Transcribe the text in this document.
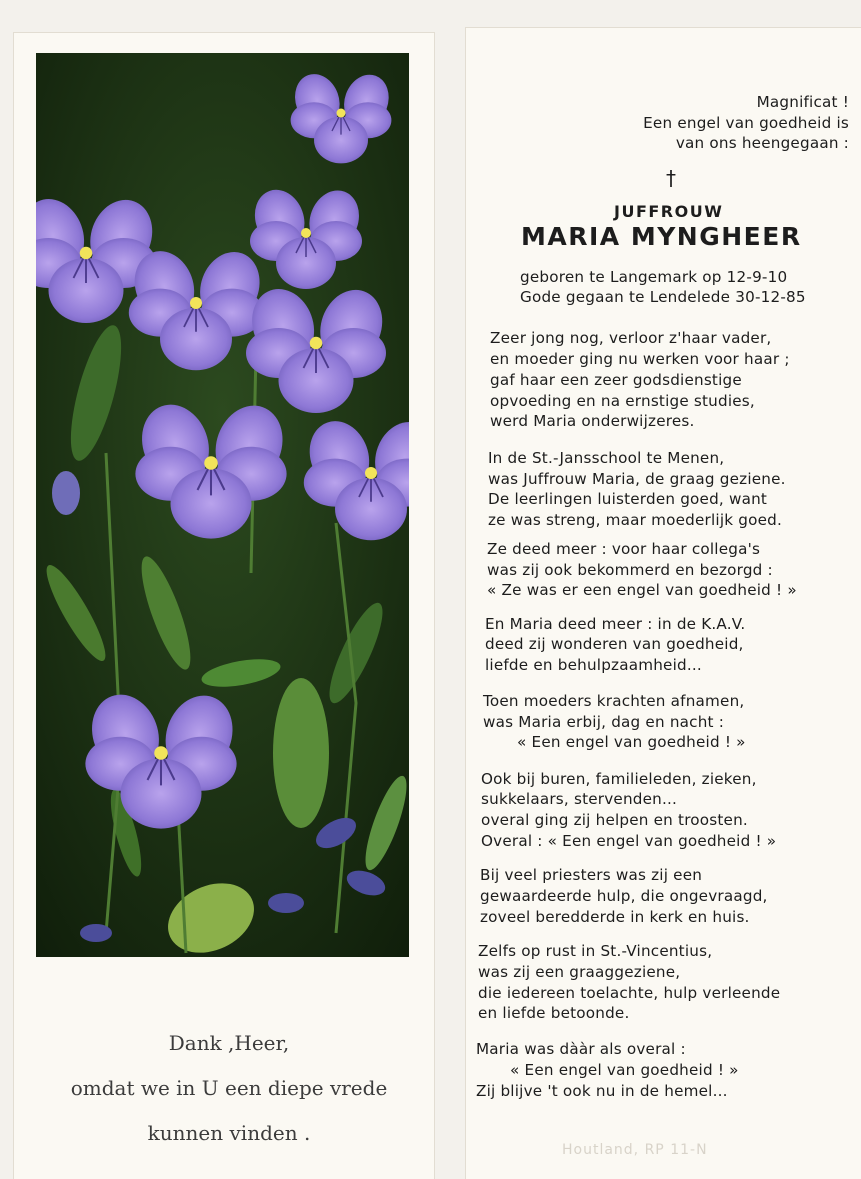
Dank ,Heer,
omdat we in U een diepe vrede
kunnen vinden .
Magnificat !
Een engel van goedheid is
van ons heengegaan :
†
JUFFROUW
MARIA MYNGHEER
geboren te Langemark op 12-9-10
Gode gegaan te Lendelede 30-12-85
Zeer jong nog, verloor z'haar vader,
en moeder ging nu werken voor haar ;
gaf haar een zeer godsdienstige
opvoeding en na ernstige studies,
werd Maria onderwijzeres.
In de St.-Jansschool te Menen,
was Juffrouw Maria, de graag geziene.
De leerlingen luisterden goed, want
ze was streng, maar moederlijk goed.
Ze deed meer : voor haar collega's
was zij ook bekommerd en bezorgd :
« Ze was er een engel van goedheid ! »
En Maria deed meer : in de K.A.V.
deed zij wonderen van goedheid,
liefde en behulpzaamheid...
Toen moeders krachten afnamen,
was Maria erbij, dag en nacht :
« Een engel van goedheid ! »
Ook bij buren, familieleden, zieken,
sukkelaars, stervenden...
overal ging zij helpen en troosten.
Overal : « Een engel van goedheid ! »
Bij veel priesters was zij een
gewaardeerde hulp, die ongevraagd,
zoveel beredderde in kerk en huis.
Zelfs op rust in St.-Vincentius,
was zij een graaggeziene,
die iedereen toelachte, hulp verleende
en liefde betoonde.
Maria was dààr als overal :
« Een engel van goedheid ! »
Zij blijve 't ook nu in de hemel...
Houtland, RP 11-N
